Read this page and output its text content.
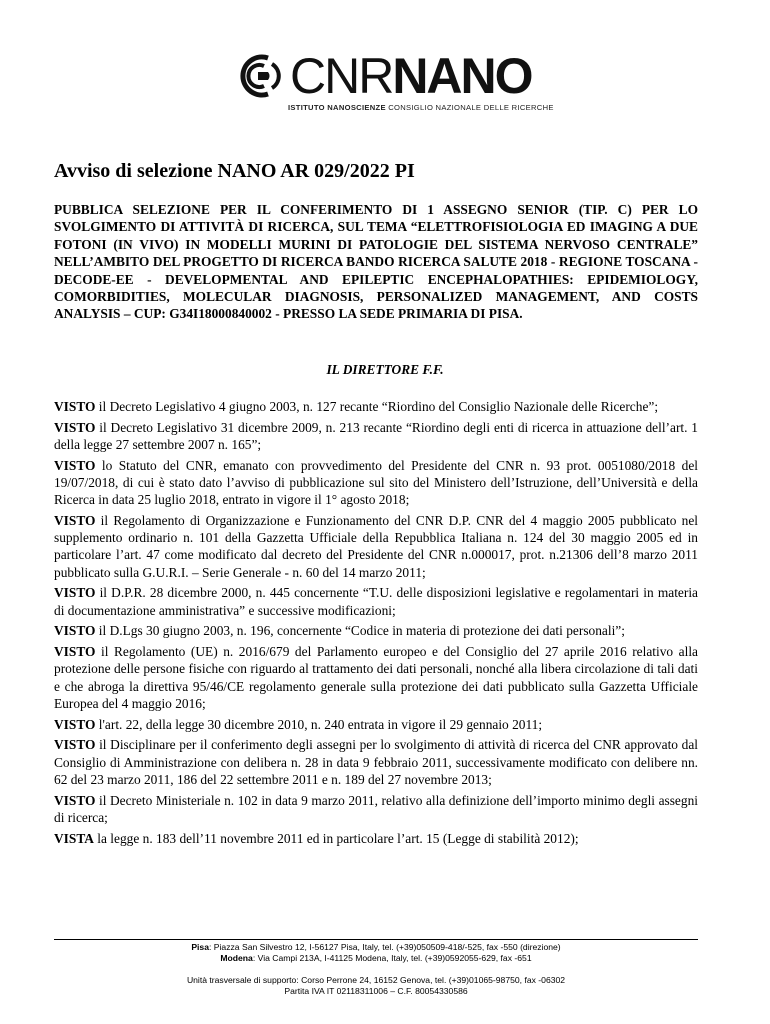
CNRNANO
ISTITUTO NANOSCIENZE CONSIGLIO NAZIONALE DELLE RICERCHE
Avviso di selezione NANO AR 029/2022 PI
PUBBLICA SELEZIONE PER IL CONFERIMENTO DI 1 ASSEGNO SENIOR (TIP. C) PER LO SVOLGIMENTO DI ATTIVITÀ DI RICERCA, SUL TEMA “ELETTROFISIOLOGIA ED IMAGING A DUE FOTONI (IN VIVO) IN MODELLI MURINI DI PATOLOGIE DEL SISTEMA NERVOSO CENTRALE” NELL’AMBITO DEL PROGETTO DI RICERCA BANDO RICERCA SALUTE 2018 - REGIONE TOSCANA - DECODE-EE - DEVELOPMENTAL AND EPILEPTIC ENCEPHALOPATHIES: EPIDEMIOLOGY, COMORBIDITIES, MOLECULAR DIAGNOSIS, PERSONALIZED MANAGEMENT, AND COSTS ANALYSIS – CUP: G34I18000840002 - PRESSO LA SEDE PRIMARIA DI PISA.
IL DIRETTORE F.F.

VISTO il Decreto Legislativo 4 giugno 2003, n. 127 recante “Riordino del Consiglio Nazionale delle Ricerche”;

VISTO il Decreto Legislativo 31 dicembre 2009, n. 213 recante “Riordino degli enti di ricerca in attuazione dell’art. 1 della legge 27 settembre 2007 n. 165”;

VISTO lo Statuto del CNR, emanato con provvedimento del Presidente del CNR n. 93 prot. 0051080/2018 del 19/07/2018, di cui è stato dato l’avviso di pubblicazione sul sito del Ministero dell’Istruzione, dell’Università e della Ricerca in data 25 luglio 2018, entrato in vigore il 1° agosto 2018;

VISTO il Regolamento di Organizzazione e Funzionamento del CNR D.P. CNR del 4 maggio 2005 pubblicato nel supplemento ordinario n. 101 della Gazzetta Ufficiale della Repubblica Italiana n. 124 del 30 maggio 2005 ed in particolare l’art. 47 come modificato dal decreto del Presidente del CNR n.000017, prot. n.21306 dell’8 marzo 2011 pubblicato sulla G.U.R.I. – Serie Generale - n. 60 del 14 marzo 2011;

VISTO il D.P.R. 28 dicembre 2000, n. 445 concernente “T.U. delle disposizioni legislative e regolamentari in materia di documentazione amministrativa” e successive modificazioni;

VISTO il D.Lgs 30 giugno 2003, n. 196, concernente “Codice in materia di protezione dei dati personali”;

VISTO il Regolamento (UE) n. 2016/679 del Parlamento europeo e del Consiglio del 27 aprile 2016 relativo alla protezione delle persone fisiche con riguardo al trattamento dei dati personali, nonché alla libera circolazione di tali dati e che abroga la direttiva 95/46/CE regolamento generale sulla protezione dei dati pubblicato sulla Gazzetta Ufficiale Europea del 4 maggio 2016;

VISTO l'art. 22, della legge 30 dicembre 2010, n. 240 entrata in vigore il 29 gennaio 2011;

VISTO il Disciplinare per il conferimento degli assegni per lo svolgimento di attività di ricerca del CNR approvato dal Consiglio di Amministrazione con delibera n. 28 in data 9 febbraio 2011, successivamente modificato con delibere nn. 62 del 23 marzo 2011, 186 del 22 settembre 2011 e n. 189 del 27 novembre 2013;

VISTO il Decreto Ministeriale n. 102 in data 9 marzo 2011, relativo alla definizione dell’importo minimo degli assegni di ricerca;

VISTA la legge n. 183 dell’11 novembre 2011 ed in particolare l’art. 15 (Legge di stabilità 2012);

Pisa: Piazza San Silvestro 12, I-56127 Pisa, Italy, tel. (+39)050509-418/-525, fax -550 (direzione)
Modena: Via Campi 213A, I-41125 Modena, Italy, tel. (+39)0592055-629, fax -651
Unità trasversale di supporto: Corso Perrone 24, 16152 Genova, tel. (+39)01065-98750, fax -06302
Partita IVA IT 02118311006 – C.F. 80054330586
